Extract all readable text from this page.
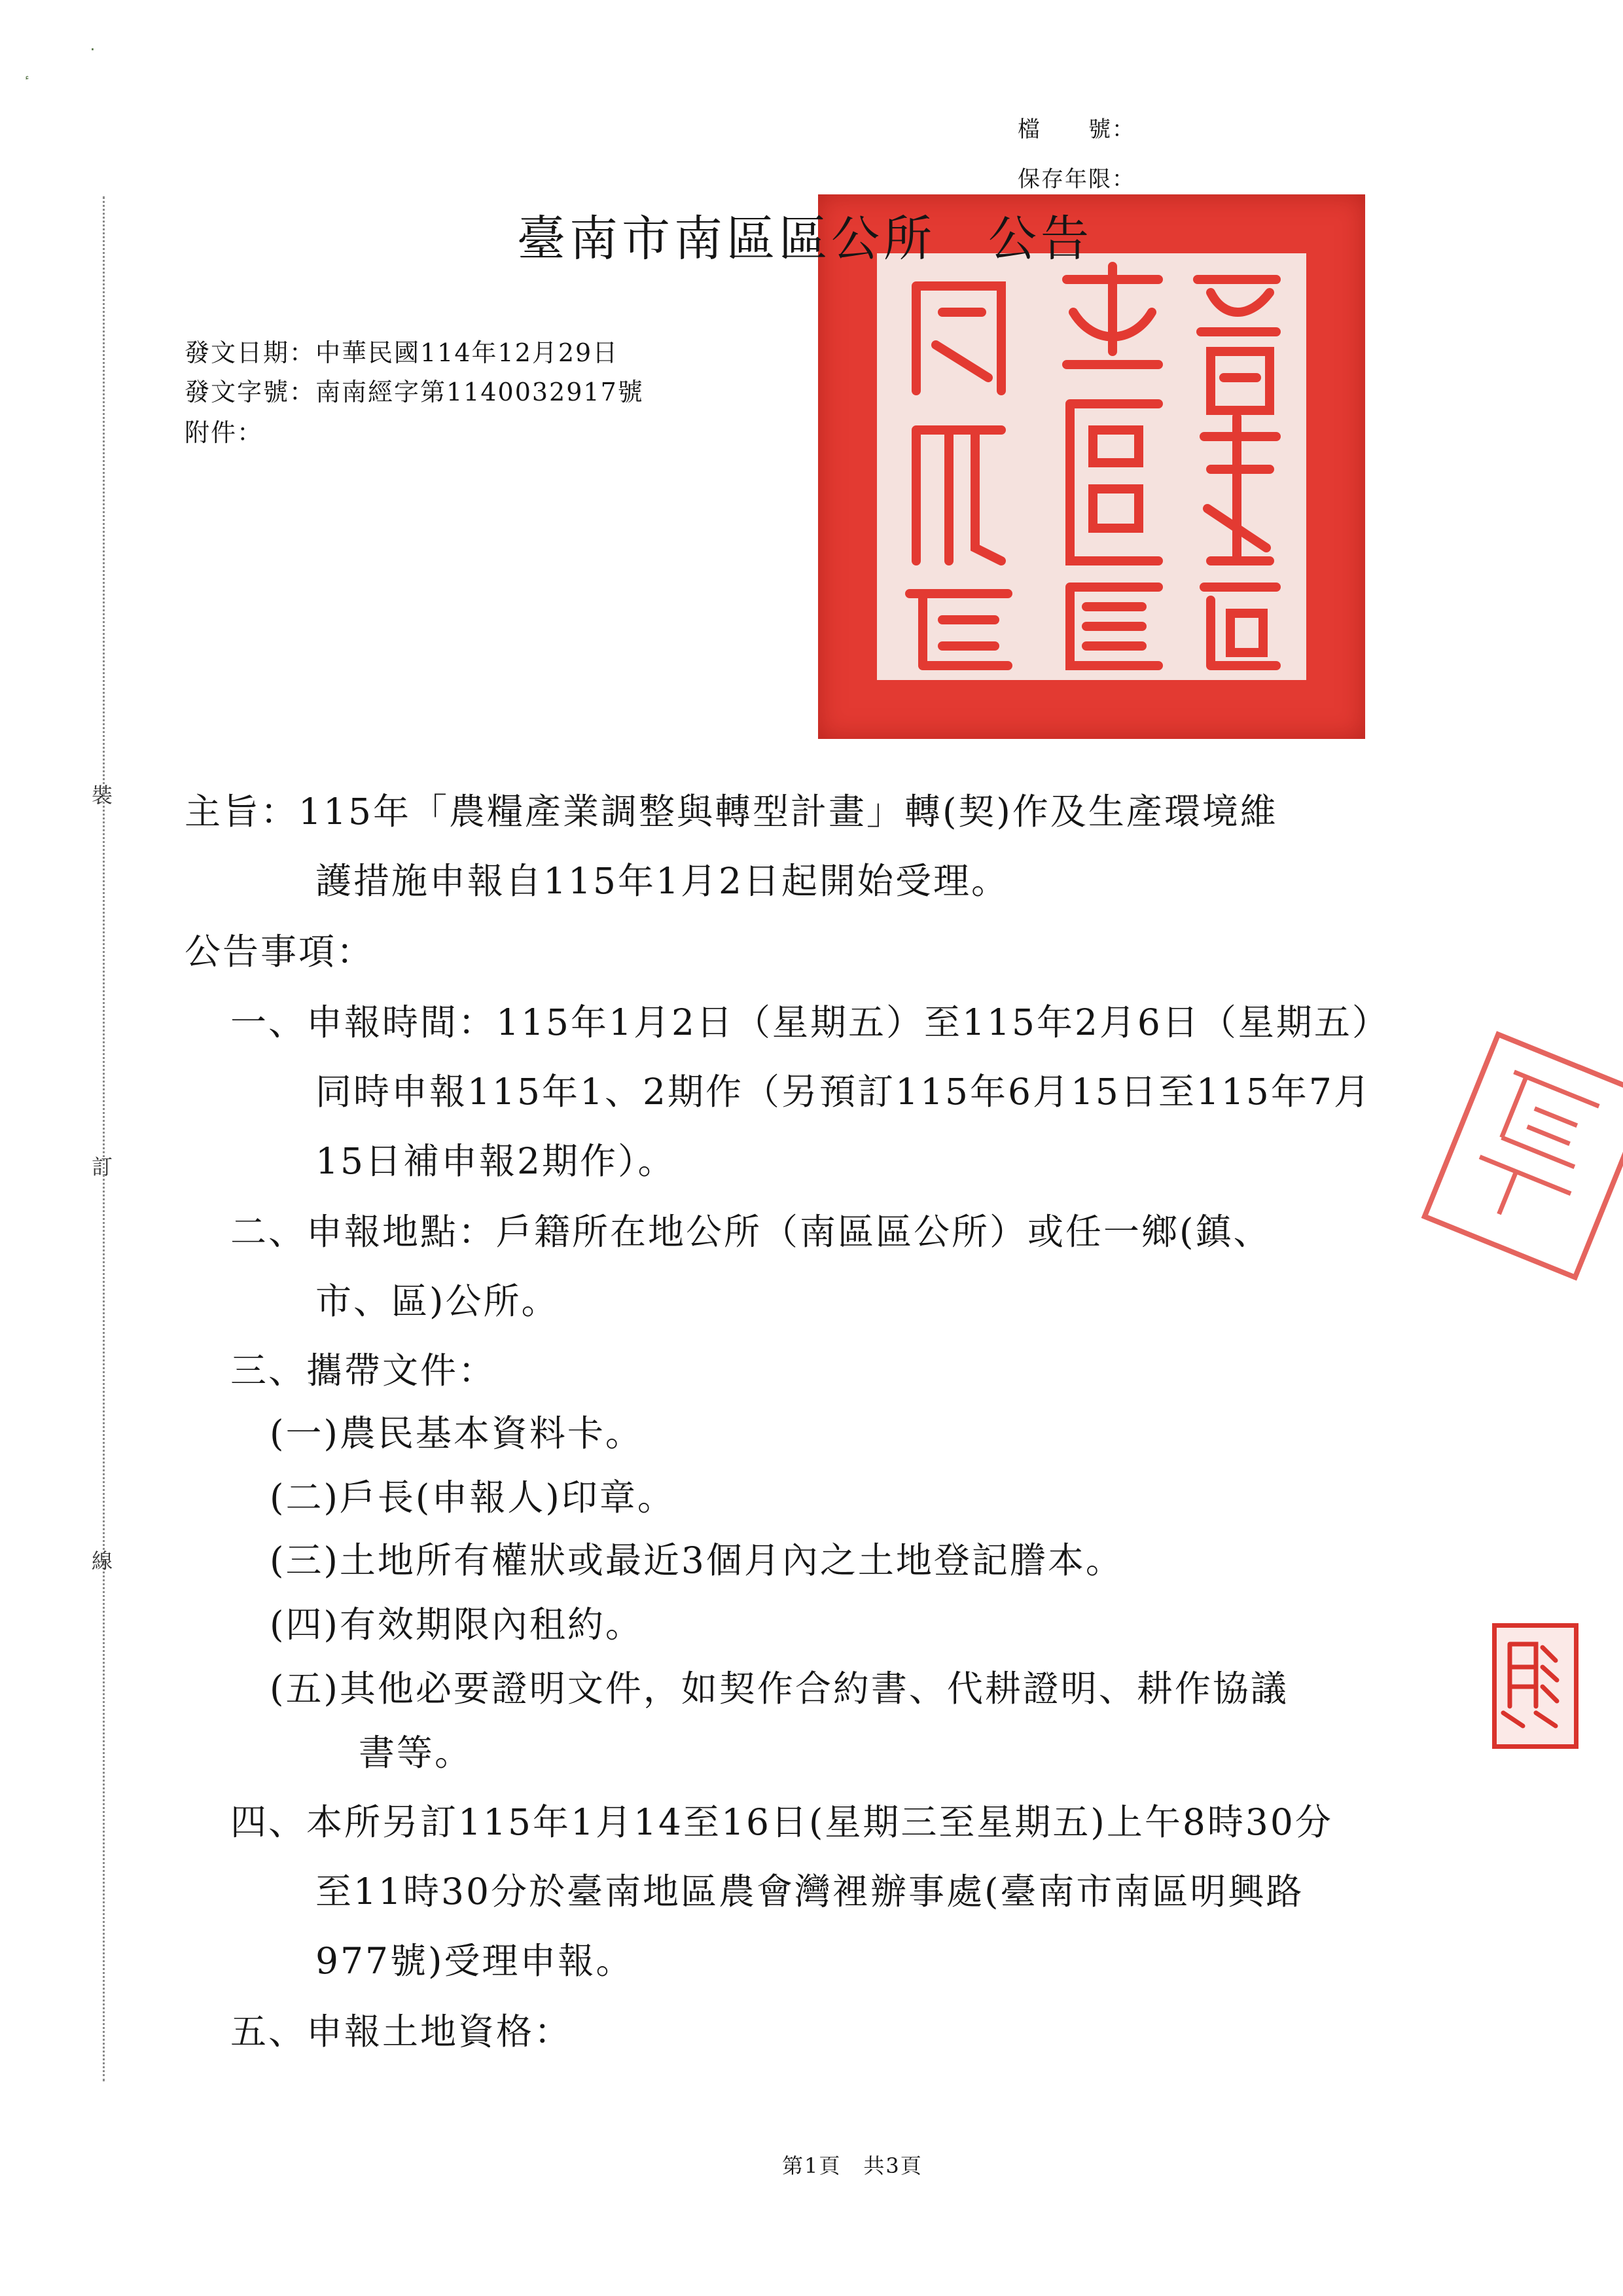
٠
ٴ
裝
訂
線
檔　　號：
保存年限：
臺南市南區區公所　公告
發文日期：中華民國114年12月29日
發文字號：南南經字第1140032917號
附件：
主旨：115年「農糧產業調整與轉型計畫」轉(契)作及生產環境維
護措施申報自115年1月2日起開始受理。
公告事項：
一、申報時間：115年1月2日（星期五）至115年2月6日（星期五）
同時申報115年1、2期作（另預訂115年6月15日至115年7月
15日補申報2期作）。
二、申報地點：戶籍所在地公所（南區區公所）或任一鄉(鎮、
市、區)公所。
三、攜帶文件：
(一)農民基本資料卡。
(二)戶長(申報人)印章。
(三)土地所有權狀或最近3個月內之土地登記謄本。
(四)有效期限內租約。
(五)其他必要證明文件，如契作合約書、代耕證明、耕作協議
書等。
四、本所另訂115年1月14至16日(星期三至星期五)上午8時30分
至11時30分於臺南地區農會灣裡辦事處(臺南市南區明興路
977號)受理申報。
五、申報土地資格：
第1頁　共3頁
